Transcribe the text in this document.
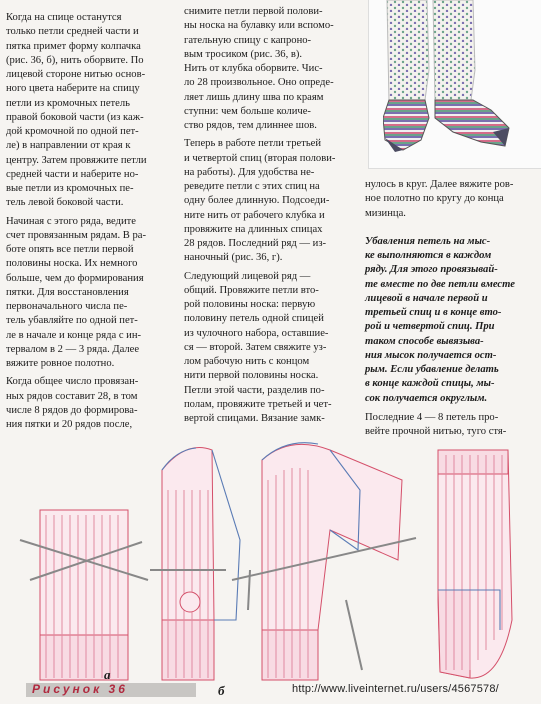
Когда на спице останутся

только петли средней части и

пятка примет форму колпачка

(рис. 36, б), нить оборвите. По

лицевой стороне нитью основ-

ного цвета наберите на спицу

петли из кромочных петель

правой боковой части (из каж-

дой кромочной по одной пет-

ле) в направлении от края к

центру. Затем провяжите петли

средней части и наберите но-

вые петли из кромочных пе-

тель левой боковой части.

Начиная с этого ряда, ведите

счет провязанным рядам. В ра-

боте опять все петли первой

половины носка. Их немного

больше, чем до формирования

пятки. Для восстановления

первоначального числа пе-

тель убавляйте по одной пет-

ле в начале и конце ряда с ин-

тервалом в 2 — 3 ряда. Далее

вяжите ровное полотно.

Когда общее число провязан-

ных рядов составит 28, в том

числе 8 рядов до формирова-

ния пятки и 20 рядов после,

снимите петли первой полови-

ны носка на булавку или вспомо-

гательную спицу с капроно-

вым тросиком (рис. 36, в).

Нить от клубка оборвите. Чис-

ло 28 произвольное. Оно опреде-

ляет лишь длину шва по краям

ступни: чем больше количе-

ство рядов, тем длиннее шов.

Теперь в работе петли третьей

и четвертой спиц (вторая полови-

на работы). Для удобства не-

реведите петли с этих спиц на

одну более длинную. Подсоеди-

ните нить от рабочего клубка и

провяжите на длинных спицах

28 рядов. Последний ряд — из-

наночный (рис. 36, г).

Следующий лицевой ряд —

общий. Провяжите петли вто-

рой половины носка: первую

половину петель одной спицей

из чулочного набора, оставшие-

ся — второй. Затем свяжите уз-

лом рабочую нить с концом

нити первой половины носка.

Петли этой части, разделив по-

полам, провяжите третьей и чет-

вертой спицами. Вязание замк-

нулось в круг. Далее вяжите ров-

ное полотно по кругу до конца

мизинца.

Убавления петель на мыс-

ке выполняются в каждом

ряду. Для этого провязывай-

те вместе по две петли вместе

лицевой в начале первой и

третьей спиц и в конце вто-

рой и четвертой спиц. При

таком способе вывязыва-

ния мысок получается ост-

рым. Если убавление делать

в конце каждой спицы, мы-

сок получается округлым.

Последние 4 — 8 петель про-

вейте прочной нитью, туго стя-

а
Рисунок 36	б	http://www.liveinternet.ru/users/4567578/
